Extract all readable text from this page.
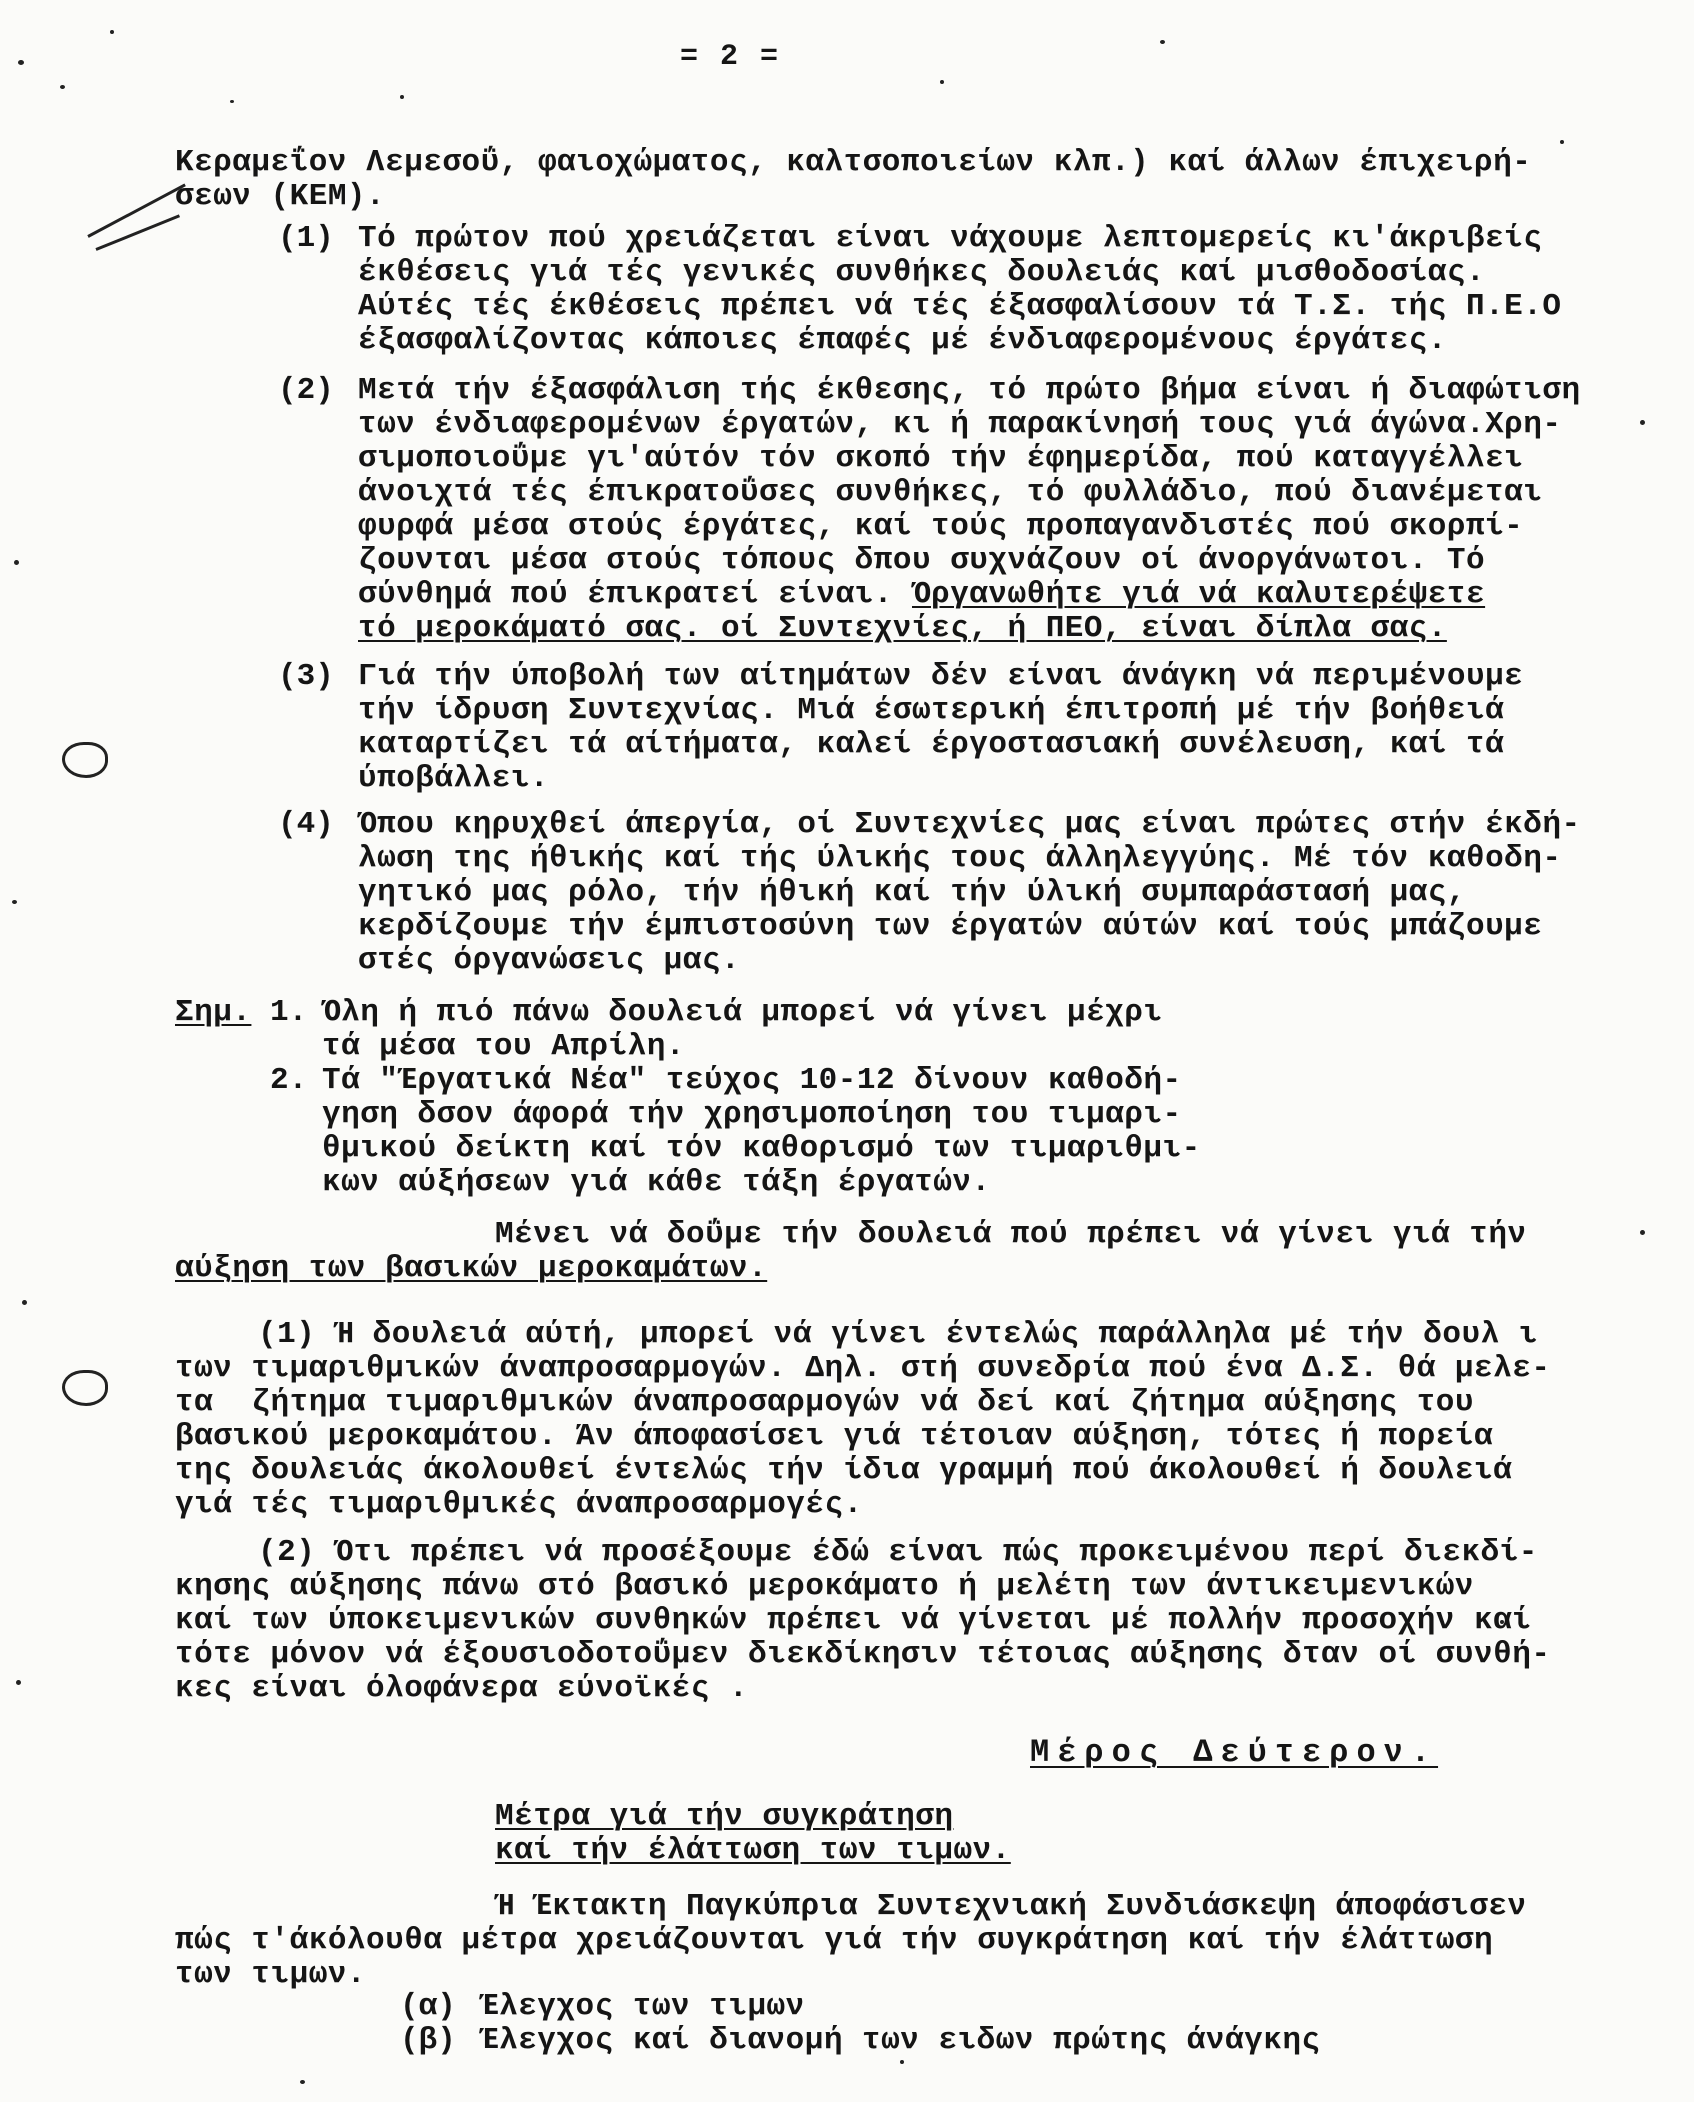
= 2 =
Κεραμεΐον Λεμεσοΰ, φαιοχώματος, καλτσοποιείων κλπ.) καί άλλων έπιχειρή-
σεων (ΚΕΜ).
(1) Τό πρώτον πού χρειάζεται είναι νάχουμε λεπτομερείς κι'άκριβείς
έκθέσεις γιά τές γενικές συνθήκες δουλειάς καί μισθοδοσίας.
Αύτές τές έκθέσεις πρέπει νά τές έξασφαλίσουν τά Τ.Σ. τής Π.Ε.Ο
έξασφαλίζοντας κάποιες έπαφές μέ ένδιαφερομένους έργάτες.
(2) Μετά τήν έξασφάλιση τής έκθεσης, τό πρώτο βήμα είναι ή διαφώτιση
των ένδιαφερομένων έργατών, κι ή παρακίνησή τους γιά άγώνα.Χρη-
σιμοποιοΰμε γι'αύτόν τόν σκοπό τήν έφημερίδα, πού καταγγέλλει
άνοιχτά τές έπικρατοΰσες συνθήκες, τό φυλλάδιο, πού διανέμεται
φυρφά μέσα στούς έργάτες, καί τούς προπαγανδιστές πού σκορπί-
ζουνται μέσα στούς τόπους δπου συχνάζουν οί άνοργάνωτοι. Τό
σύνθημά πού έπικρατεί είναι. Όργανωθήτε γιά νά καλυτερέψετε
τό μεροκάματό σας. οί Συντεχνίες, ή ΠΕΟ, είναι δίπλα σας.
(3) Γιά τήν ύποβολή των αίτημάτων δέν είναι άνάγκη νά περιμένουμε
τήν ίδρυση Συντεχνίας. Μιά έσωτερική έπιτροπή μέ τήν βοήθειά
καταρτίζει τά αίτήματα, καλεί έργοστασιακή συνέλευση, καί τά
ύποβάλλει.
(4) Όπου κηρυχθεί άπεργία, οί Συντεχνίες μας είναι πρώτες στήν έκδή-
λωση της ήθικής καί τής ύλικής τους άλληλεγγύης. Μέ τόν καθοδη-
γητικό μας ρόλο, τήν ήθική καί τήν ύλική συμπαράστασή μας,
κερδίζουμε τήν έμπιστοσύνη των έργατών αύτών καί τούς μπάζουμε
στές όργανώσεις μας.
Σημ. 1. Όλη ή πιό πάνω δουλειά μπορεί νά γίνει μέχρι
τά μέσα του Απρίλη.
2. Τά "Έργατικά Νέα" τεύχος 10-12 δίνουν καθοδή-
γηση δσον άφορά τήν χρησιμοποίηση του τιμαρι-
θμικού δείκτη καί τόν καθορισμό των τιμαριθμι-
κων αύξήσεων γιά κάθε τάξη έργατών.
Μένει νά δοΰμε τήν δουλειά πού πρέπει νά γίνει γιά τήν
αύξηση των βασικών μεροκαμάτων.
(1) Ή δουλειά αύτή, μπορεί νά γίνει έντελώς παράλληλα μέ τήν δουλ ι
των τιμαριθμικών άναπροσαρμογών. Δηλ. στή συνεδρία πού ένα Δ.Σ. θά μελε-
τα  ζήτημα τιμαριθμικών άναπροσαρμογών νά δεί καί ζήτημα αύξησης του
βασικού μεροκαμάτου. Άν άποφασίσει γιά τέτοιαν αύξηση, τότες ή πορεία
της δουλειάς άκολουθεί έντελώς τήν ίδια γραμμή πού άκολουθεί ή δουλειά
γιά τές τιμαριθμικές άναπροσαρμογές.
(2) Ότι πρέπει νά προσέξουμε έδώ είναι πώς προκειμένου περί διεκδί-
κησης αύξησης πάνω στό βασικό μεροκάματο ή μελέτη των άντικειμενικών
καί των ύποκειμενικών συνθηκών πρέπει νά γίνεται μέ πολλήν προσοχήν καί
τότε μόνον νά έξουσιοδοτοΰμεν διεκδίκησιν τέτοιας αύξησης δταν οί συνθή-
κες είναι όλοφάνερα εύνοϊκές .
Μέρος Δεύτερον.
Μέτρα γιά τήν συγκράτηση
καί τήν έλάττωση των τιμων.
Ή Έκτακτη Παγκύπρια Συντεχνιακή Συνδιάσκεψη άποφάσισεν
πώς τ'άκόλουθα μέτρα χρειάζουνται γιά τήν συγκράτηση καί τήν έλάττωση
των τιμων.
(α) Έλεγχος των τιμων
(β) Έλεγχος καί διανομή των ειδων πρώτης άνάγκης
